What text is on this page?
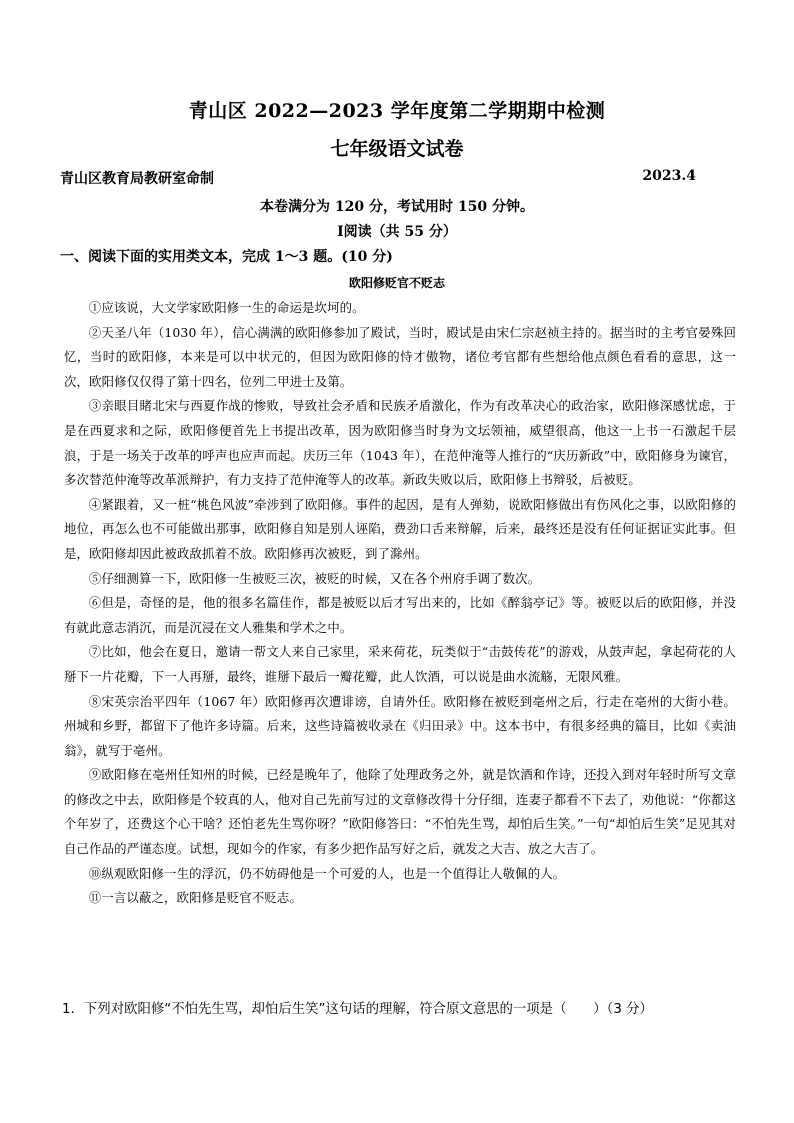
青山区 2022—2023 学年度第二学期期中检测
七年级语文试卷
青山区教育局教研室命制	2023.4
本卷满分为 120 分，考试用时 150 分钟。
Ⅰ阅读（共 55 分）
一、阅读下面的实用类文本，完成 1～3 题。(10 分)
欧阳修贬官不贬志

①应该说，大文学家欧阳修一生的命运是坎坷的。

②天圣八年（1030 年），信心满满的欧阳修参加了殿试，当时，殿试是由宋仁宗赵祯主持的。据当时的主考官晏殊回忆，当时的欧阳修，本来是可以中状元的，但因为欧阳修的恃才傲物，诸位考官都有些想给他点颜色看看的意思，这一次，欧阳修仅仅得了第十四名，位列二甲进士及第。

③亲眼目睹北宋与西夏作战的惨败，导致社会矛盾和民族矛盾激化，作为有改革决心的政治家，欧阳修深感忧虑，于是在西夏求和之际，欧阳修便首先上书提出改革，因为欧阳修当时身为文坛领袖，威望很高，他这一上书一石激起千层浪，于是一场关于改革的呼声也应声而起。庆历三年（1043 年），在范仲淹等人推行的“庆历新政”中，欧阳修身为谏官，多次替范仲淹等改革派辩护，有力支持了范仲淹等人的改革。新政失败以后，欧阳修上书辩驳，后被贬。

④紧跟着，又一桩“桃色风波”牵涉到了欧阳修。事件的起因，是有人弹劾，说欧阳修做出有伤风化之事，以欧阳修的地位，再怎么也不可能做出那事，欧阳修自知是别人诬陷，费劲口舌来辩解，后来，最终还是没有任何证据证实此事。但是，欧阳修却因此被政敌抓着不放。欧阳修再次被贬，到了滁州。

⑤仔细测算一下，欧阳修一生被贬三次，被贬的时候，又在各个州府手调了数次。

⑥但是，奇怪的是，他的很多名篇佳作，都是被贬以后才写出来的，比如《醉翁亭记》等。被贬以后的欧阳修，并没有就此意志消沉，而是沉浸在文人雅集和学术之中。

⑦比如，他会在夏日，邀请一帮文人来自己家里，采来荷花，玩类似于“击鼓传花”的游戏，从鼓声起，拿起荷花的人掰下一片花瓣，下一人再掰，最终，谁掰下最后一瓣花瓣，此人饮酒，可以说是曲水流觞，无限风雅。

⑧宋英宗治平四年（1067 年）欧阳修再次遭诽谤，自请外任。欧阳修在被贬到亳州之后，行走在亳州的大街小巷。州城和乡野，都留下了他许多诗篇。后来，这些诗篇被收录在《归田录》中。这本书中，有很多经典的篇目，比如《卖油翁》，就写于亳州。

⑨欧阳修在亳州任知州的时候，已经是晚年了，他除了处理政务之外，就是饮酒和作诗，还投入到对年轻时所写文章的修改之中去，欧阳修是个较真的人，他对自己先前写过的文章修改得十分仔细，连妻子都看不下去了，劝他说：“你都这个年岁了，还费这个心干啥？还怕老先生骂你呀？”欧阳修答曰：“不怕先生骂，却怕后生笑。”一句“却怕后生笑”足见其对自己作品的严谨态度。试想，现如今的作家，有多少把作品写好之后，就发之大吉、放之大吉了。

⑩纵观欧阳修一生的浮沉，仍不妨碍他是一个可爱的人，也是一个值得让人敬佩的人。

⑪一言以蔽之，欧阳修是贬官不贬志。

1．下列对欧阳修“不怕先生骂，却怕后生笑”这句话的理解，符合原文意思的一项是（　　）（3 分）
